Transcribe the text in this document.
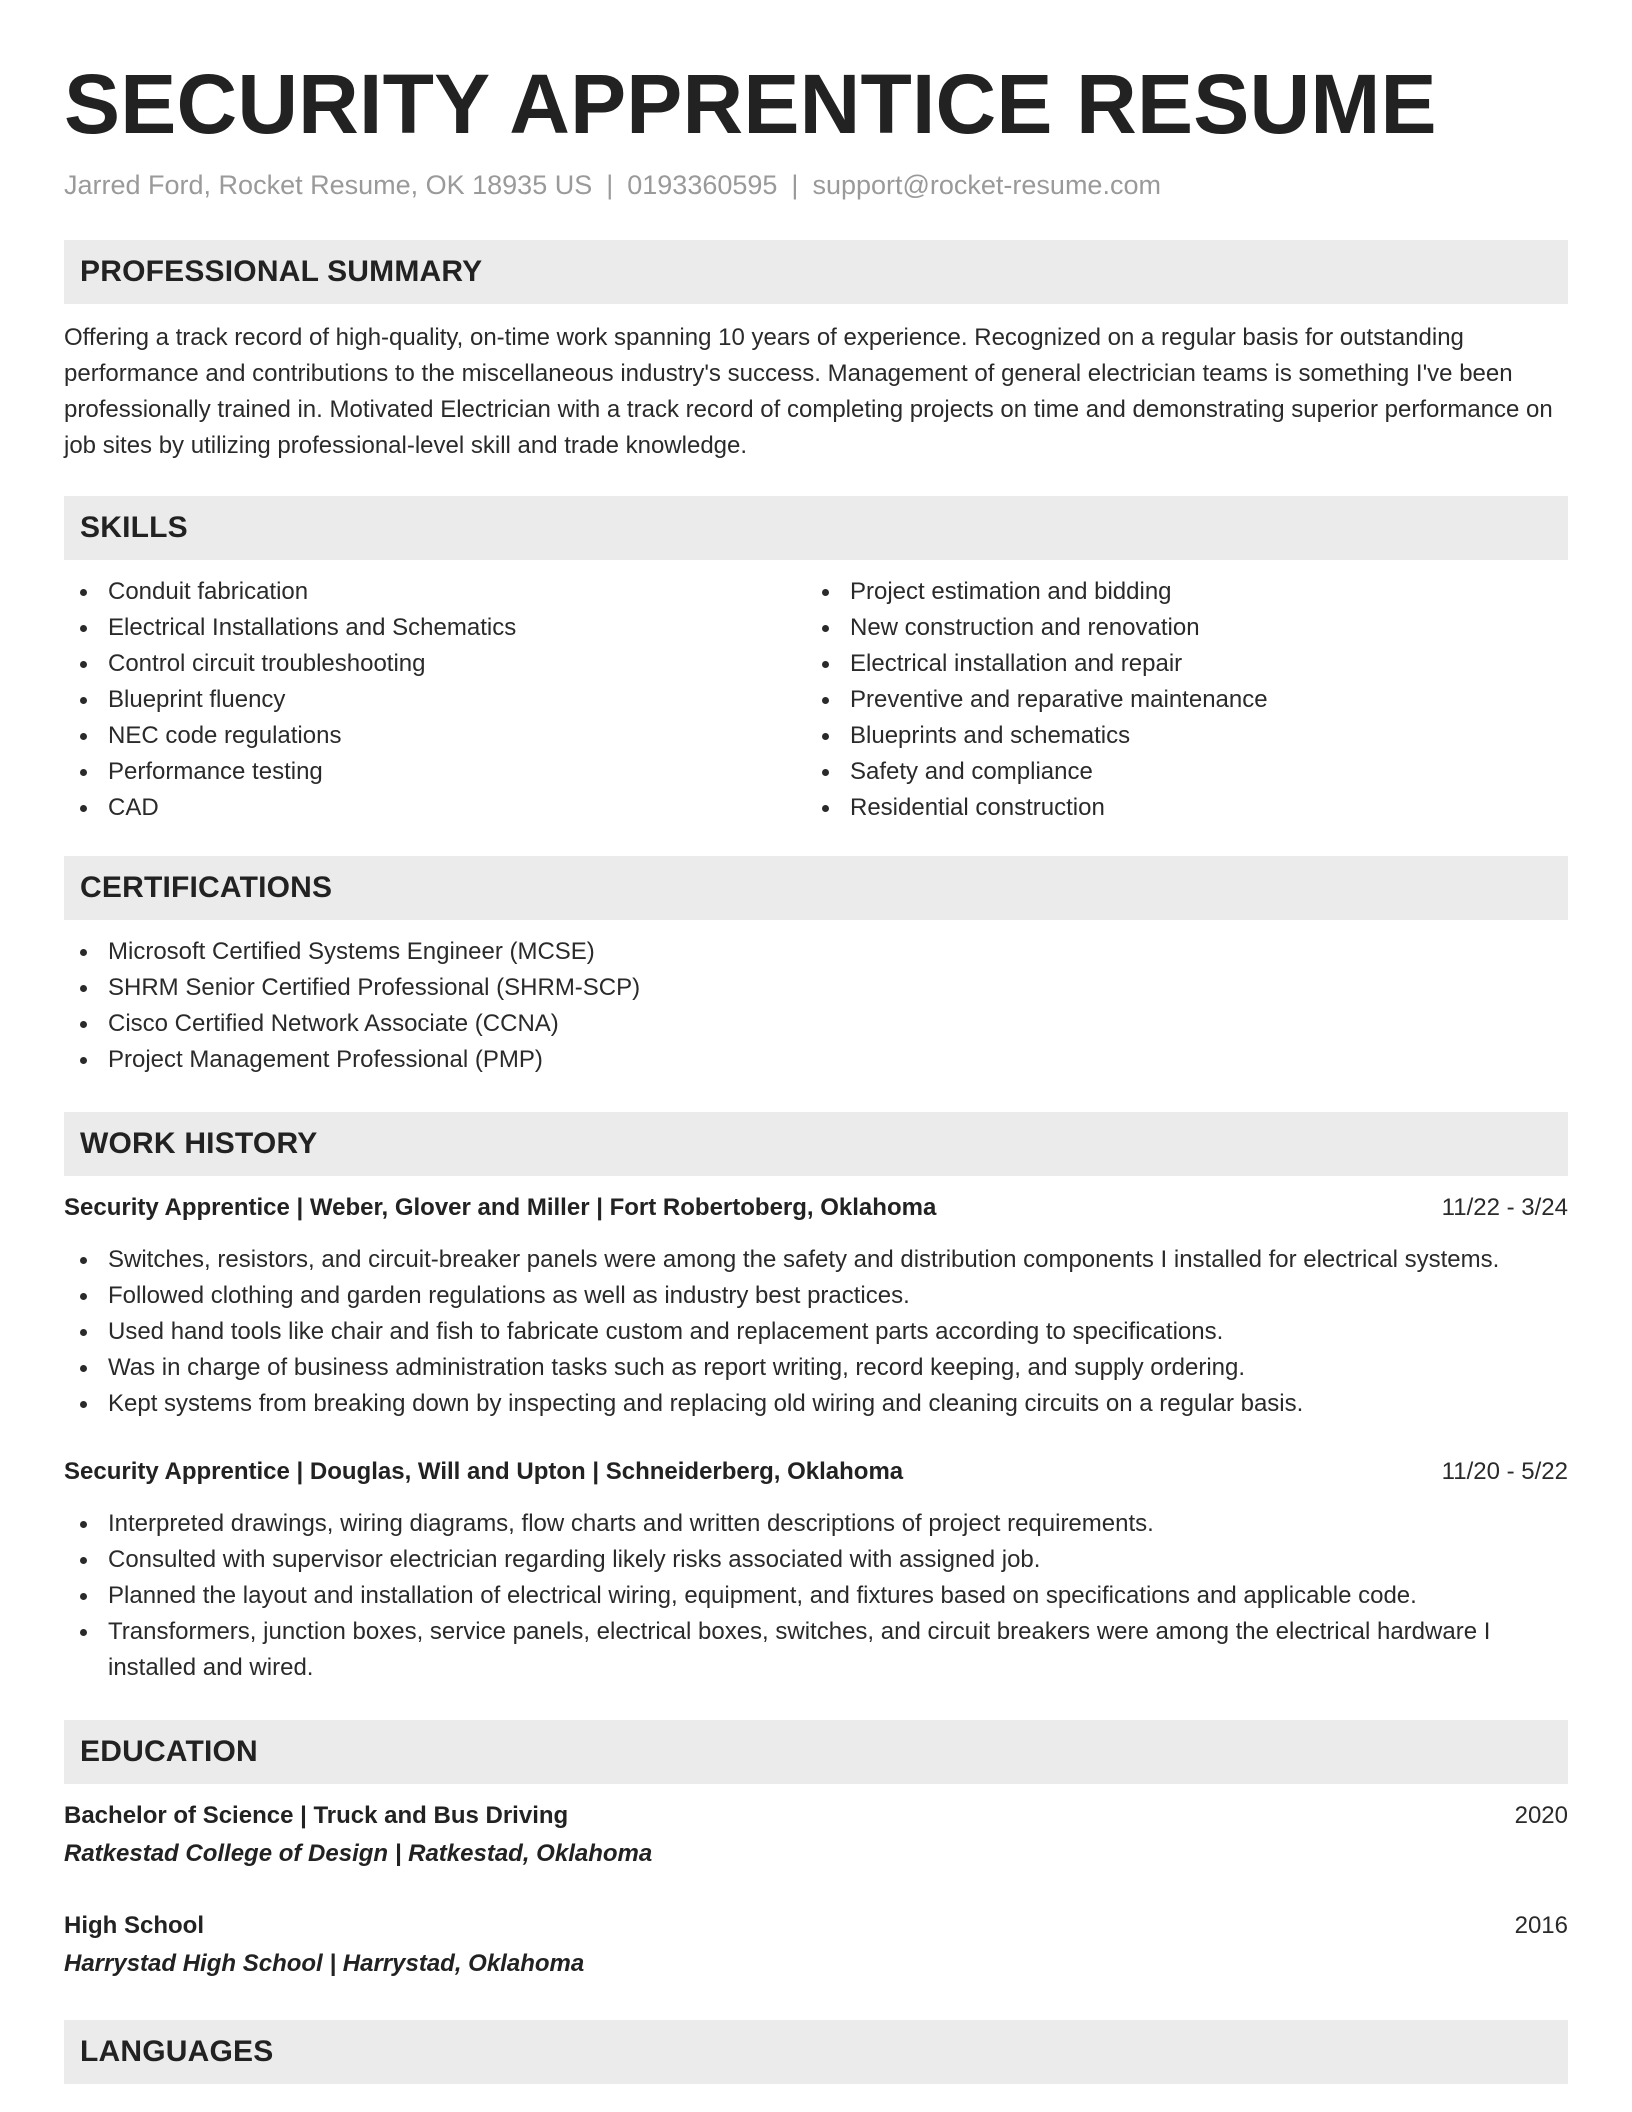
SECURITY APPRENTICE RESUME
Jarred Ford, Rocket Resume, OK 18935 US | 0193360595 | support@rocket-resume.com
PROFESSIONAL SUMMARY

Offering a track record of high-quality, on-time work spanning 10 years of experience. Recognized on a regular basis for outstanding performance and contributions to the miscellaneous industry's success. Management of general electrician teams is something I've been professionally trained in. Motivated Electrician with a track record of completing projects on time and demonstrating superior performance on job sites by utilizing professional-level skill and trade knowledge.

SKILLS
Conduit fabrication
Electrical Installations and Schematics
Control circuit troubleshooting
Blueprint fluency
NEC code regulations
Performance testing
CAD
Project estimation and bidding
New construction and renovation
Electrical installation and repair
Preventive and reparative maintenance
Blueprints and schematics
Safety and compliance
Residential construction
CERTIFICATIONS
Microsoft Certified Systems Engineer (MCSE)
SHRM Senior Certified Professional (SHRM-SCP)
Cisco Certified Network Associate (CCNA)
Project Management Professional (PMP)
WORK HISTORY
Security Apprentice | Weber, Glover and Miller | Fort Robertoberg, Oklahoma	11/22 - 3/24
Switches, resistors, and circuit-breaker panels were among the safety and distribution components I installed for electrical systems.
Followed clothing and garden regulations as well as industry best practices.
Used hand tools like chair and fish to fabricate custom and replacement parts according to specifications.
Was in charge of business administration tasks such as report writing, record keeping, and supply ordering.
Kept systems from breaking down by inspecting and replacing old wiring and cleaning circuits on a regular basis.
Security Apprentice | Douglas, Will and Upton | Schneiderberg, Oklahoma	11/20 - 5/22
Interpreted drawings, wiring diagrams, flow charts and written descriptions of project requirements.
Consulted with supervisor electrician regarding likely risks associated with assigned job.
Planned the layout and installation of electrical wiring, equipment, and fixtures based on specifications and applicable code.
Transformers, junction boxes, service panels, electrical boxes, switches, and circuit breakers were among the electrical hardware I installed and wired.
EDUCATION
Bachelor of Science | Truck and Bus Driving	2020
Ratkestad College of Design | Ratkestad, Oklahoma
High School	2016
Harrystad High School | Harrystad, Oklahoma
LANGUAGES
